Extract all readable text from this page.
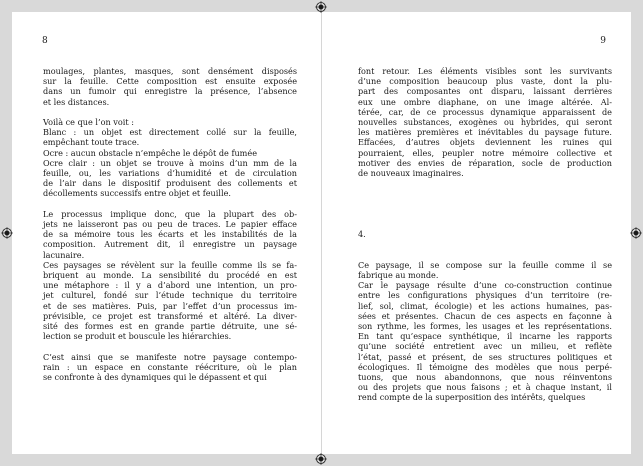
8
moulages, plantes, masques, sont densément disposés
sur la feuille. Cette composition est ensuite exposée
dans un fumoir qui enregistre la présence, l’absence
et les distances.
Voilà ce que l’on voit :
Blanc : un objet est directement collé sur la feuille,
empêchant toute trace.
Ocre : aucun obstacle n’empêche le dépôt de fumée
Ocre clair : un objet se trouve à moins d’un mm de la
feuille, ou, les variations d’humidité et de circulation
de l’air dans le dispositif produisent des collements et
décollements successifs entre objet et feuille.
Le processus implique donc, que la plupart des ob-
jets ne laisseront pas ou peu de traces. Le papier efface
de sa mémoire tous les écarts et les instabilités de la
composition. Autrement dit, il enregistre un paysage
lacunaire.
Ces paysages se révèlent sur la feuille comme ils se fa-
briquent au monde. La sensibilité du procédé en est
une métaphore : il y a d’abord une intention, un pro-
jet culturel, fondé sur l’étude technique du territoire
et de ses matières. Puis, par l’effet d’un processus im-
prévisible, ce projet est transformé et altéré. La diver-
sité des formes est en grande partie détruite, une sé-
lection se produit et bouscule les hiérarchies.
C’est ainsi que se manifeste notre paysage contempo-
rain : un espace en constante réécriture, où le plan
se confronte à des dynamiques qui le dépassent et qui
9
font retour. Les éléments visibles sont les survivants
d’une composition beaucoup plus vaste, dont la plu-
part des composantes ont disparu, laissant derrières
eux une ombre diaphane, on une image altérée. Al-
térée, car, de ce processus dynamique apparaissent de
nouvelles substances, exogènes ou hybrides, qui seront
les matières premières et inévitables du paysage future.
Effacées, d’autres objets deviennent les ruines qui
pourraient, elles, peupler notre mémoire collective et
motiver des envies de réparation, socle de production
de nouveaux imaginaires.
4.
Ce paysage, il se compose sur la feuille comme il se
fabrique au monde.
Car le paysage résulte d’une co-construction continue
entre les configurations physiques d’un territoire (re-
lief, sol, climat, écologie) et les actions humaines, pas-
sées et présentes. Chacun de ces aspects en façonne à
son rythme, les formes, les usages et les représentations.
En tant qu’espace synthétique, il incarne les rapports
qu’une société entretient avec un milieu, et reflète
l’état, passé et présent, de ses structures politiques et
écologiques. Il témoigne des modèles que nous perpé-
tuons, que nous abandonnons, que nous réinventons
ou des projets que nous faisons ; et à chaque instant, il
rend compte de la superposition des intérêts, quelques
